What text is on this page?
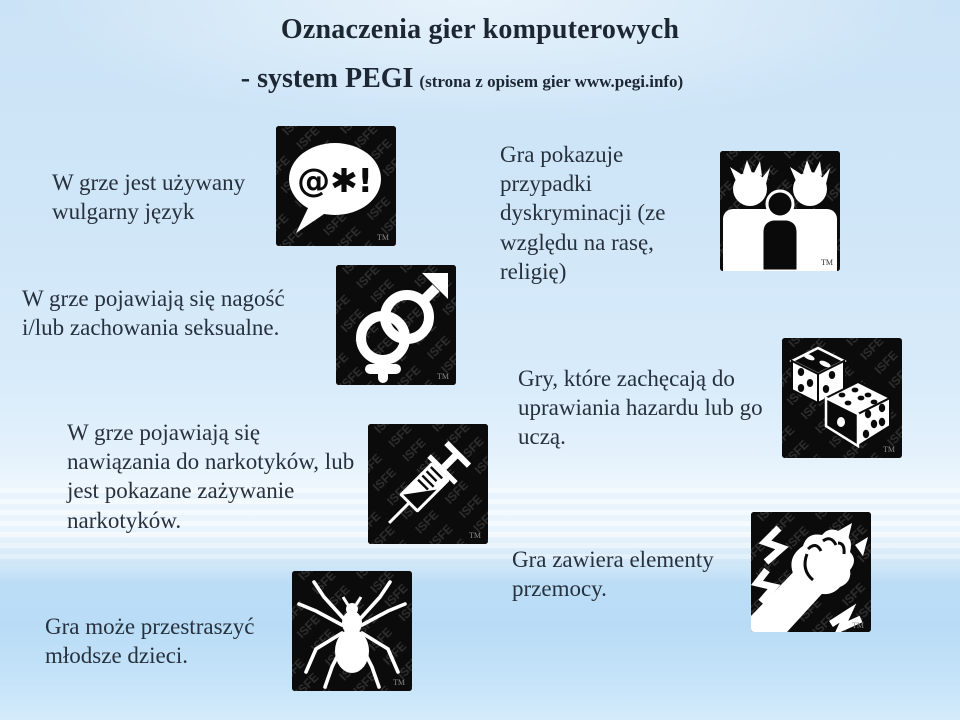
Oznaczenia gier komputerowych
- system PEGI (strona z opisem gier www.pegi.info)
W grze jest używany wulgarny język
Gra pokazuje przypadki dyskryminacji (ze względu na rasę, religię)
W grze pojawiają się nagość i/lub zachowania seksualne.
Gry, które zachęcają do uprawiania hazardu lub go uczą.
W grze pojawiają się nawiązania do narkotyków, lub jest pokazane zażywanie narkotyków.
Gra zawiera elementy przemocy.
Gra może przestraszyć młodsze dzieci.
@✱!
TM
TM
TM
TM
TM
TM
TM
